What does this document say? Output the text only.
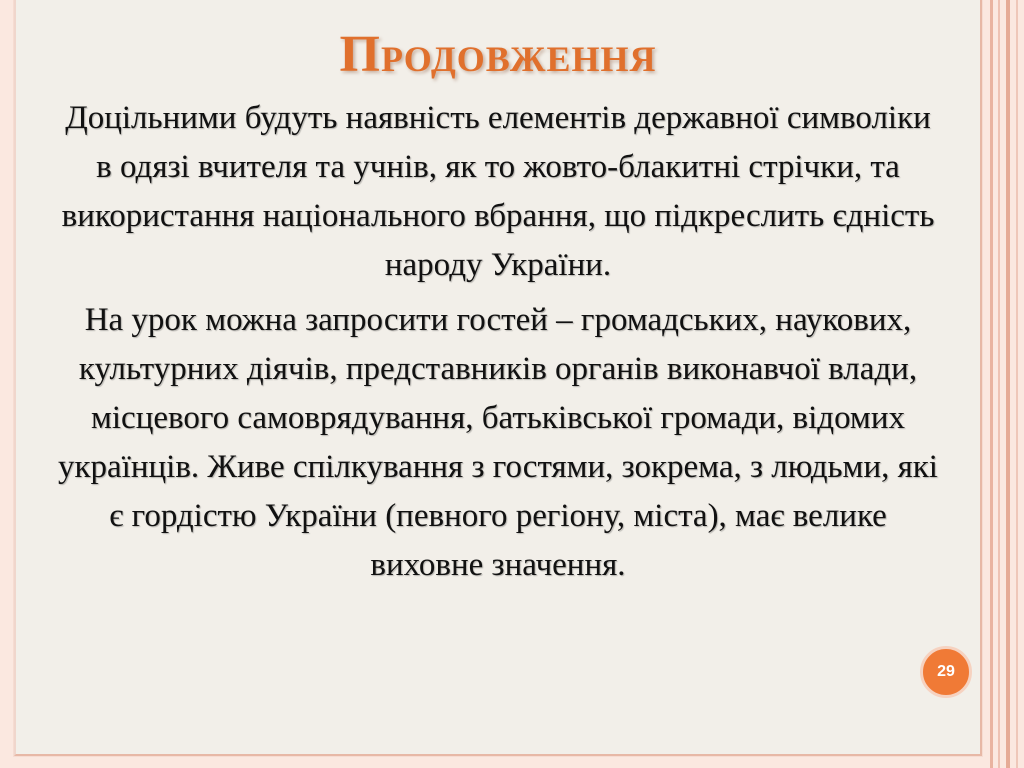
Продовження

Доцільними будуть наявність елементів державної символіки в одязі вчителя та учнів, як то жовто-блакитні стрічки, та використання національного вбрання, що підкреслить єдність народу України.

На урок можна запросити гостей – громадських, наукових, культурних діячів, представників органів виконавчої влади, місцевого самоврядування, батьківської громади, відомих українців. Живе спілкування з гостями, зокрема, з людьми, які є гордістю України (певного регіону, міста), має велике виховне значення.

29
